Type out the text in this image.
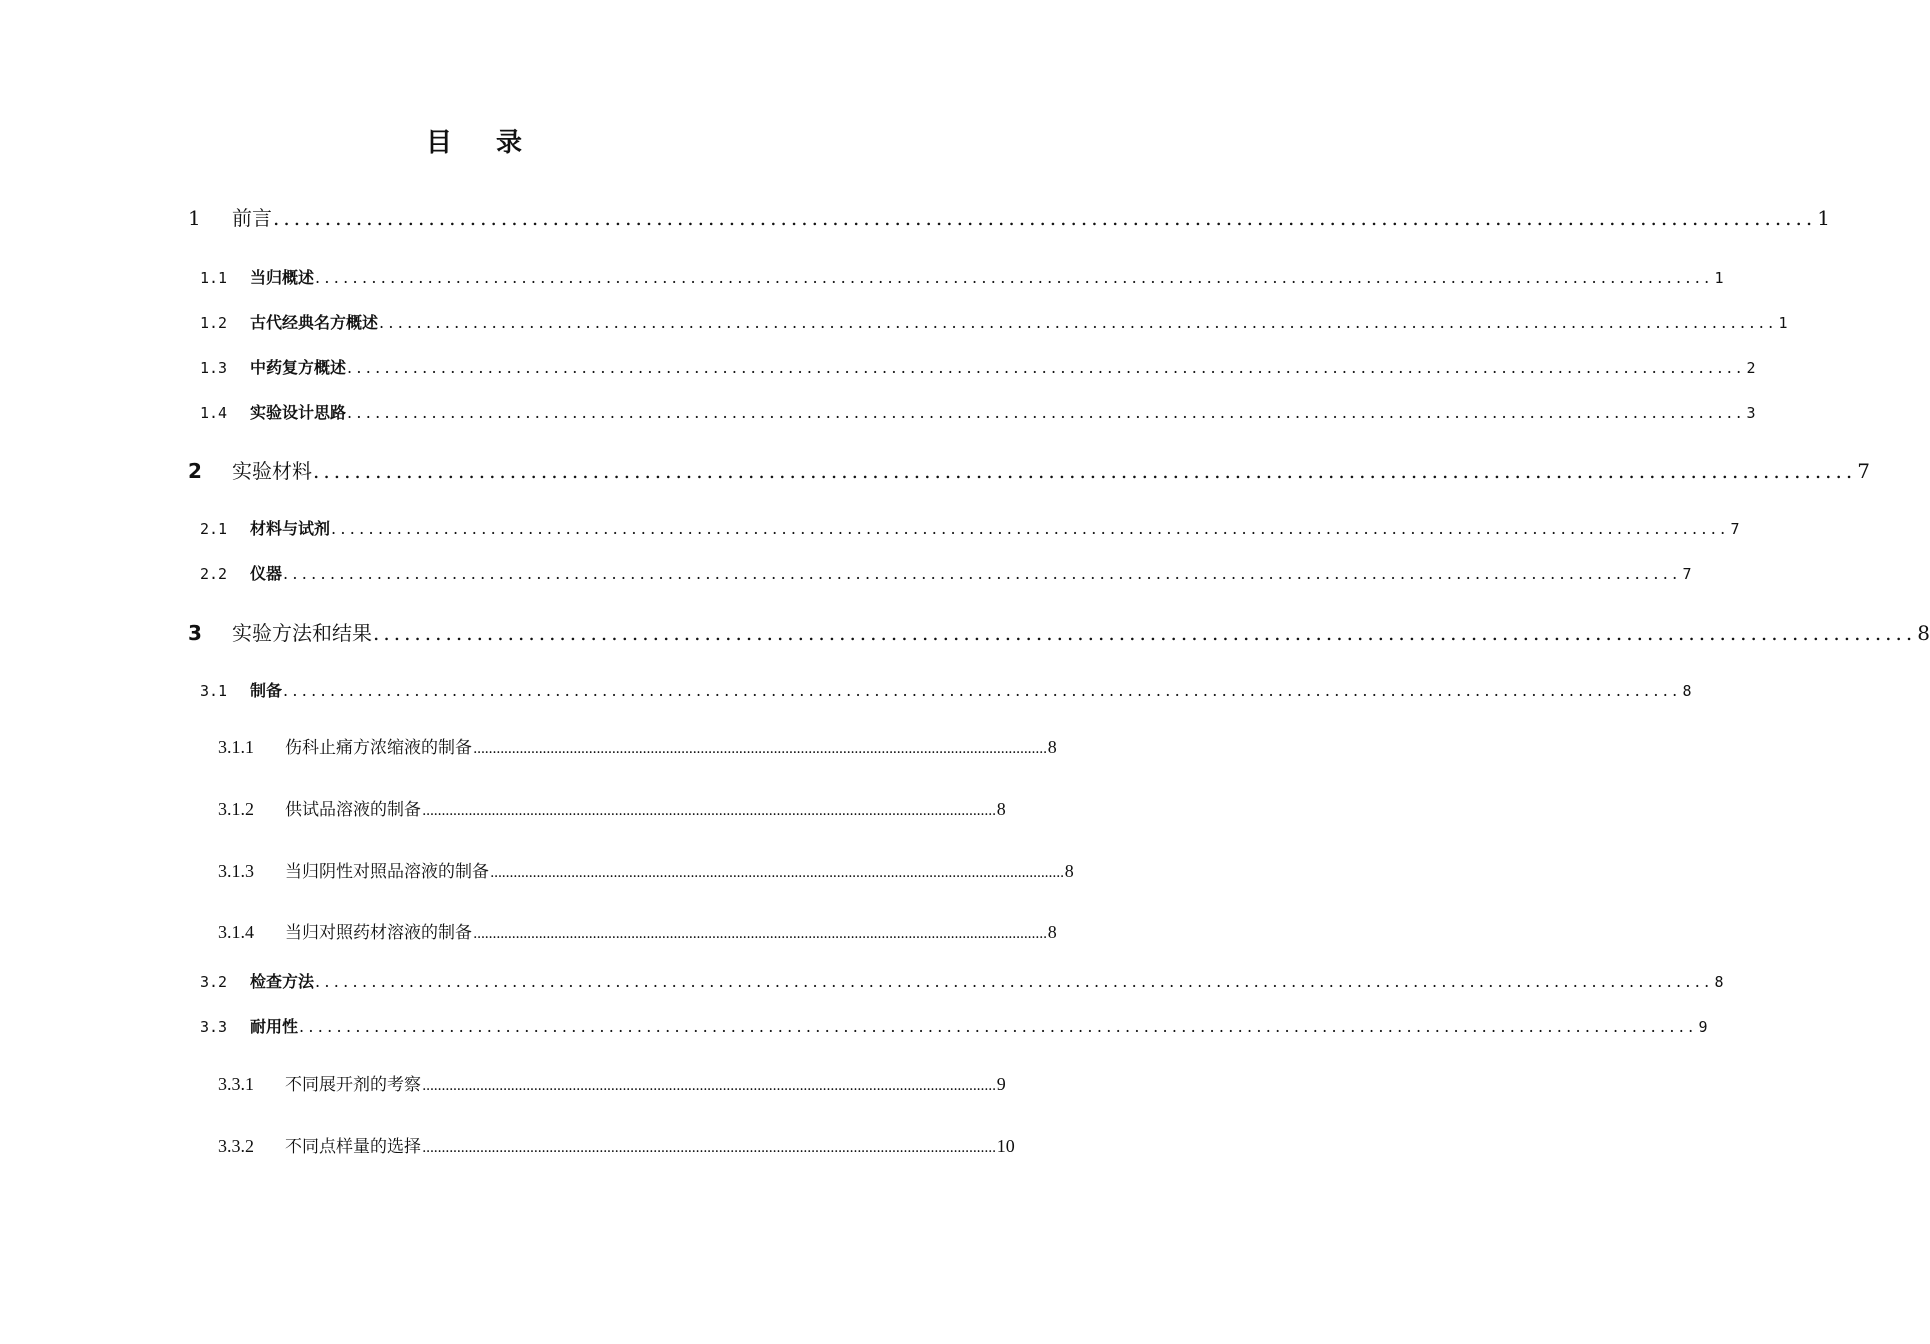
目 录
1	前言 ..................................................................................................................................................... 1
1.1	当归概述 ..................................................................................................................................................... 1
1.2	古代经典名方概述 ..................................................................................................................................................... 1
1.3	中药复方概述 ..................................................................................................................................................... 2
1.4	实验设计思路 ..................................................................................................................................................... 3
2	实验材料 ..................................................................................................................................................... 7
2.1	材料与试剂 ..................................................................................................................................................... 7
2.2	仪器 ..................................................................................................................................................... 7
3	实验方法和结果 ..................................................................................................................................................... 8
3.1	制备 ..................................................................................................................................................... 8
3.1.1	伤科止痛方浓缩液的制备 ..................................................................................................................................................... 8
3.1.2	供试品溶液的制备 ..................................................................................................................................................... 8
3.1.3	当归阴性对照品溶液的制备 ..................................................................................................................................................... 8
3.1.4	当归对照药材溶液的制备 ..................................................................................................................................................... 8
3.2	检查方法 ..................................................................................................................................................... 8
3.3	耐用性 ..................................................................................................................................................... 9
3.3.1	不同展开剂的考察 ..................................................................................................................................................... 9
3.3.2	不同点样量的选择 ..................................................................................................................................................... 10
